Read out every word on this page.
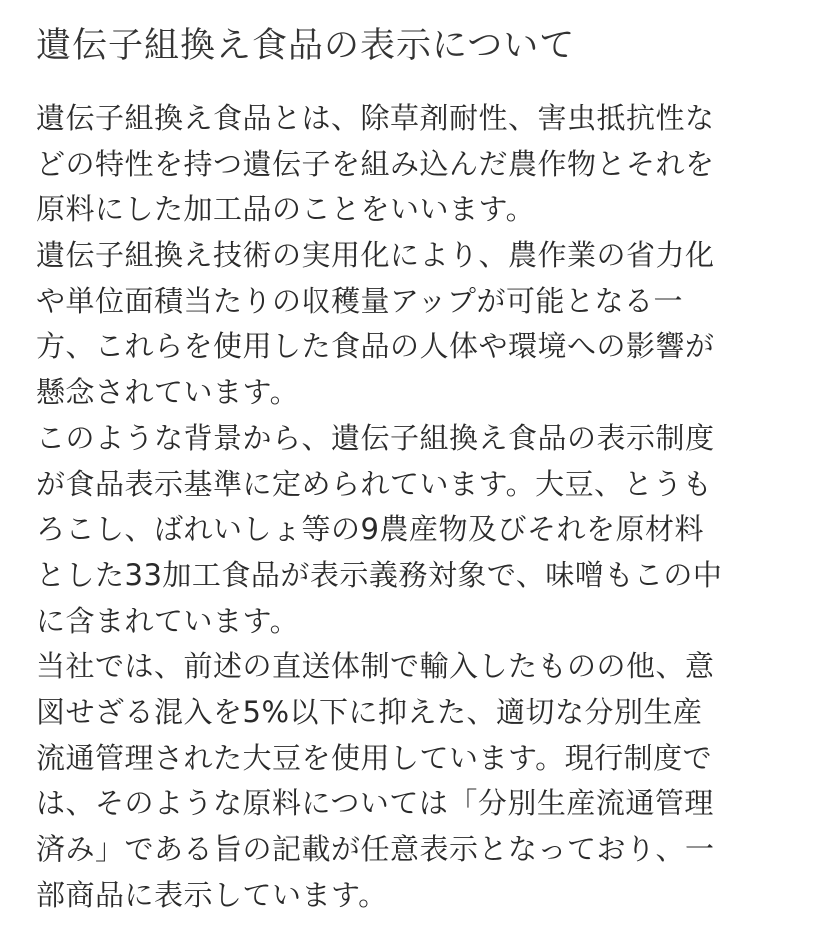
遺伝子組換え食品の表示について
遺伝子組換え食品とは、除草剤耐性、害虫抵抗性な
どの特性を持つ遺伝子を組み込んだ農作物とそれを
原料にした加工品のことをいいます。
遺伝子組換え技術の実用化により、農作業の省力化
や単位面積当たりの収穫量アップが可能となる一
方、これらを使用した食品の人体や環境への影響が
懸念されています。
このような背景から、遺伝子組換え食品の表示制度
が食品表示基準に定められています。大豆、とうも
ろこし、ばれいしょ等の9農産物及びそれを原材料
とした33加工食品が表示義務対象で、味噌もこの中
に含まれています。
当社では、前述の直送体制で輸入したものの他、意
図せざる混入を5%以下に抑えた、適切な分別生産
流通管理された大豆を使用しています。現行制度で
は、そのような原料については「分別生産流通管理
済み」である旨の記載が任意表示となっており、一
部商品に表示しています。
